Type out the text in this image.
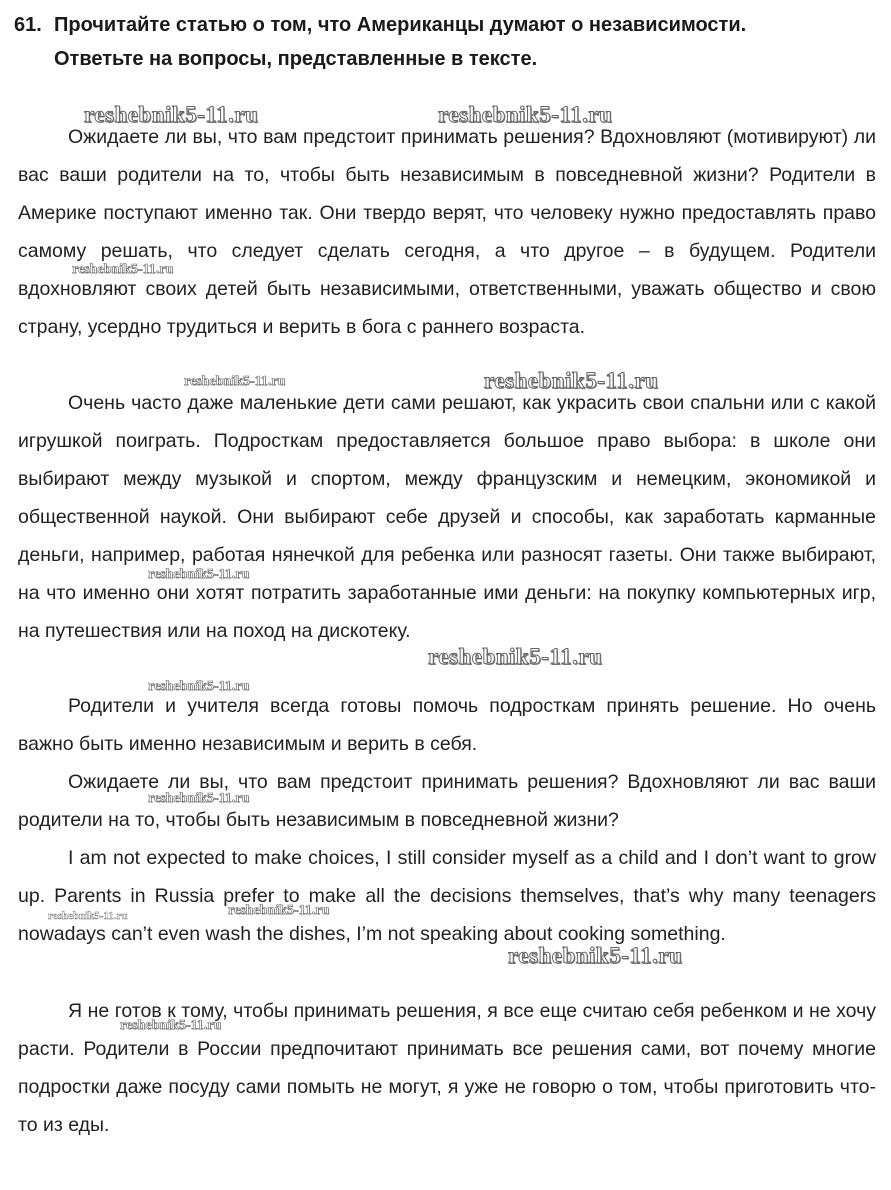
61. Прочитайте статью о том, что Американцы думают о независимости.
Ответьте на вопросы, представленные в тексте.

Ожидаете ли вы, что вам предстоит принимать решения? Вдохновляют (мотивируют) ли вас ваши родители на то, чтобы быть независимым в повседневной жизни? Родители в Америке поступают именно так. Они твердо верят, что человеку нужно предоставлять право самому решать, что следует сделать сегодня, а что другое – в будущем. Родители вдохновляют своих детей быть независимыми, ответственными, уважать общество и свою страну, усердно трудиться и верить в бога с раннего возраста.

Очень часто даже маленькие дети сами решают, как украсить свои спальни или с какой игрушкой поиграть. Подросткам предоставляется большое право выбора: в школе они выбирают между музыкой и спортом, между французским и немецким, экономикой и общественной наукой. Они выбирают себе друзей и способы, как заработать карманные деньги, например, работая нянечкой для ребенка или разносят газеты. Они также выбирают, на что именно они хотят потратить заработанные ими деньги: на покупку компьютерных игр, на путешествия или на поход на дискотеку.

Родители и учителя всегда готовы помочь подросткам принять решение. Но очень важно быть именно независимым и верить в себя.

Ожидаете ли вы, что вам предстоит принимать решения? Вдохновляют ли вас ваши родители на то, чтобы быть независимым в повседневной жизни?

I am not expected to make choices, I still consider myself as a child and I don’t want to grow up. Parents in Russia prefer to make all the decisions themselves, that’s why many teenagers nowadays can’t even wash the dishes, I’m not speaking about cooking something.

Я не готов к тому, чтобы принимать решения, я все еще считаю себя ребенком и не хочу расти. Родители в России предпочитают принимать все решения сами, вот почему многие подростки даже посуду сами помыть не могут, я уже не говорю о том, чтобы приготовить что-то из еды.

reshebnik5-11.ru	reshebnik5-11.ru
reshebnik5-11.ru
reshebnik5-11.ru	reshebnik5-11.ru
reshebnik5-11.ru
reshebnik5-11.ru
reshebnik5-11.ru
reshebnik5-11.ru
reshebnik5-11.ru	reshebnik5-11.ru
reshebnik5-11.ru
reshebnik5-11.ru
